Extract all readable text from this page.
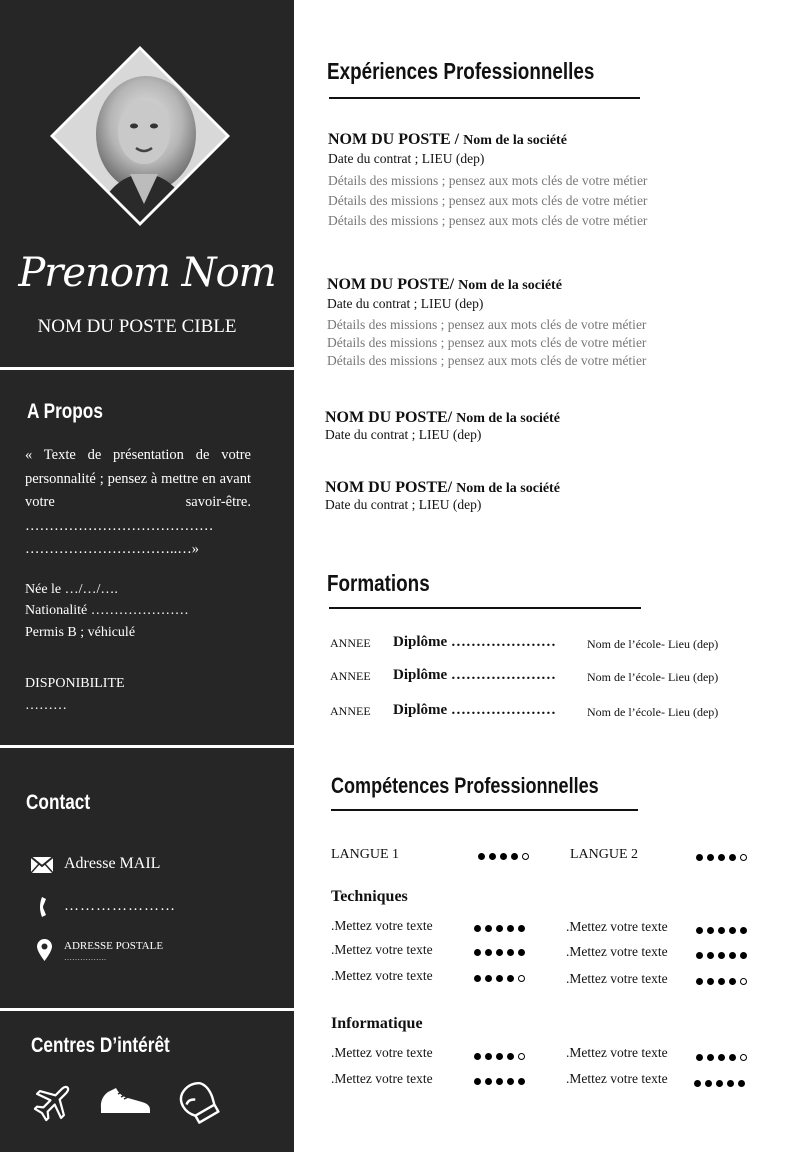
Prenom Nom
NOM DU POSTE CIBLE
A Propos
« Texte de présentation de votre personnalité ; pensez à mettre en avant votre savoir-être. ………………………………… …………………………..…»
Née le …/…/….
Nationalité …………………
Permis B ; véhiculé
DISPONIBILITE
………
Contact
Adresse MAIL
…………………
ADRESSE POSTALE
…………….
Centres D’intérêt
Expériences Professionnelles
NOM DU POSTE / Nom de la société
Date du contrat ; LIEU (dep)
Détails des missions ; pensez aux mots clés de votre métier
Détails des missions ; pensez aux mots clés de votre métier
Détails des missions ; pensez aux mots clés de votre métier
NOM DU POSTE/ Nom de la société
Date du contrat ; LIEU (dep)
Détails des missions ; pensez aux mots clés de votre métier
Détails des missions ; pensez aux mots clés de votre métier
Détails des missions ; pensez aux mots clés de votre métier
NOM DU POSTE/ Nom de la société
Date du contrat ; LIEU (dep)
NOM DU POSTE/ Nom de la société
Date du contrat ; LIEU (dep)
Formations
ANNEE Diplôme …………………	Nom de l’école- Lieu (dep)
ANNEE Diplôme …………………	Nom de l’école- Lieu (dep)
ANNEE Diplôme …………………	Nom de l’école- Lieu (dep)
Compétences Professionnelles
LANGUE 1	LANGUE 2
Techniques
.Mettez votre texte	.Mettez votre texte
.Mettez votre texte	.Mettez votre texte
.Mettez votre texte	.Mettez votre texte
Informatique
.Mettez votre texte	.Mettez votre texte
.Mettez votre texte	.Mettez votre texte
